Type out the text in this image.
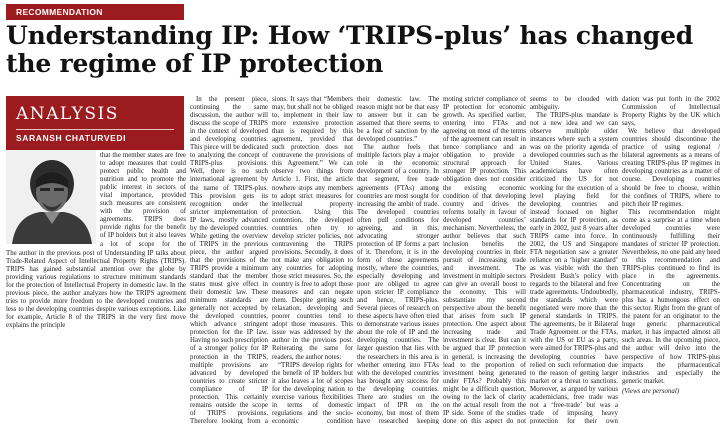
RECOMMENDATION
Understanding IP: How ‘TRIPS-plus’ has changed the regime of IP protection
ANALYSIS
SARANSH CHATURVEDI

that the member states are free to adopt measures that could protect public health and nutrition and to promote the public interest in sectors of vital importance, provided such measures are consistent with the provision of agreements. TRIPS does provide rights for the benefit of IP holders but it also leaves a lot of scope for the

The author in the previous post of Understanding IP talks about Trade-Related Aspect of Intellectual Property Rights (TRIPS). TRIPS has gained substantial attention over the globe by providing various regulations to structure minimum standards for the protection of Intellectual Property in domestic law. In the previous piece, the author analyzes how the TRIPS agreement tries to provide more freedom to the developed countries and less to the developing countries despite various exceptions. Like for example, Article 8 of the TRIPS in the very first move explains the principle

In the present piece, continuing the same discussion, the author will discuss the scope of TRIPS in the context of developed and developing countries. This piece will be dedicated to analyzing the concept of TRIPS-plus provisions. Well, there is no such international agreement by the name of TRIPS-plus. This provision gets its recognition under the stricter implementation of IP laws, mostly advanced by the developed countries. While getting the overview of TRIPS in the previous piece, the author argued that the provisions of the TRIPS provide a minimum standard that the member states must give effect in their domestic law. These minimum standards are generally not accepted by the developed countries, which advance stringent protection for the IP law. Having no such prescription of a stronger policy for IP protection in the TRIPS, multiple provisions are advanced by developed countries to create stricter compliance of IP protection. This certainly remains outside the scope of TRIPS provisions. Therefore looking from a

sions. It says that “Members may, but shall not be obliged to, implement in their law more extensive protection than is required by this agreement, provided that such protection does not contravene the provisions of this Agreement.” We can observe two things from Article 1. First, the article nowhere stops any members to adopt strict measures for intellectual property protection. Using this contention, the developed countries often try to develop stricter policies, not contravening the TRIPS provisions. Secondly, it does not make any obligation to any countries for adopting those strict measures. So, the country is free to adopt those measures and can negate them. Despite getting such relaxation, developing and poorer countries tend to adopt those measures. This issue was addressed by the author in the previous post. Reiterating the same for readers, the author notes:

“TRIPS develop rights for the benefit of IP holders but it also leaves a lot of scopes for the developing nation to exercise various flexibilities in terms of domestic regulations and the socio-economic condition

their domestic law. The reason might not be that easy to answer but it can be assumed that there seems to be a fear of sanction by the developed countries.”

The author feels that multiple factors play a major role in the economic development of a country. In that segment, free trade agreements (FTAs) among countries are most sought for increasing the ambit of trade. The developed countries often pull conditions for agreeing, and in this, advocating stronger protection of IP forms a part of it. Therefore, it is in the form of those agreements mostly, where the countries, especially developing and poor are obliged to agree upon stricter IP compliance and hence, TRIPS-plus. Several pieces of research on these aspects have often tried to demonstrate various issues about the role of IP and the developing countries. The larger question that lies with the researchers in this area is whether entering into FTAs with the developed countries has brought any success for the developing countries. There are studies on the impact of IPR on the economy, but most of them have researched keeping

moting stricter compliance of IP protection for economic growth. As specified earlier, entering into FTAs and agreeing on most of the terms of the agreement can result in hence compliance and an obligation to provide a structural approach for stronger IP protection. This obligation does not consider the existing economic condition of that developing country and drives the reforms totally in favour of developed countries’ mechanism. Nevertheless, the author believes that such inclusion benefits the developing countries in their pursuit of increasing trade and investment. The investment in multiple sectors can give an overall boost to the economy. This will substantiate my second perspective about the benefit that arises from such IP protection. One aspect about increasing trade and investment is clear. But can it be argued that IP protection in general, is increasing the lead to the proportion of investment being generated under FTAs? Probably this might be a difficult question, owing to the lack of clarity on the actual result from the IP side. Some of the studies done on this aspect do not

seems to be clouded with ambiguity.

The TRIPS-plus mandate is not a new idea and we can observe multiple older instances where such a system was on the priority agenda of developed countries such as the United States. Various academicians have often criticized the US for not working for the execution of a level playing field for developing countries and instead focused on higher standards for IP protection, as early in 2002, just 8 years after TRIPS came into force. In 2002, the US and Singapore FTA negotiation saw a greater reliance on a ‘higher standard’ as was visible with the then President Bush’s policy with regards to the bilateral and free trade agreements. Undoubtedly, the standards which were negotiated were more than the general standards in TRIPS. The agreements, be it Bilateral Trade Agreement or the FTAs, with the US or EU as a party, were aimed for TRIPS-plus and developing countries have relied on such reformation due to the reason of getting larger market or a threat to sanctions. Moreover, as argued by various academicians, free trade was not a ‘free-trade’ but was a trade of imposing heavy protection for their own

dation was put forth in the 2002 Commission of Intellectual Property Rights by the UK which says,

We believe that developed countries should discontinue the practice of using regional / bilateral agreements as a means of creating TRIPS-plus IP regimes in developing countries as a matter of course. Developing countries should be free to choose, within the confines of TRIPS, where to pitch their IP regimes.

This recommendation might come as a surprise at a time when developed countries were continuously fulfilling their mandates of stricter IP protection. Nevertheless, no one paid any heed to this recommendation and TRIPS-plus continued to find its place in the agreements. Concentrating on the pharmaceutical industry, TRIPS-plus has a humongous effect on this sector. Right from the grant of the patent for an originator to the huge generic pharmaceutical market, it has impacted almost all such areas. In the upcoming piece, the author will delve into the perspective of how TRIPS-plus impacts the pharmaceutical industries and especially the generic market.

(Views are personal)
